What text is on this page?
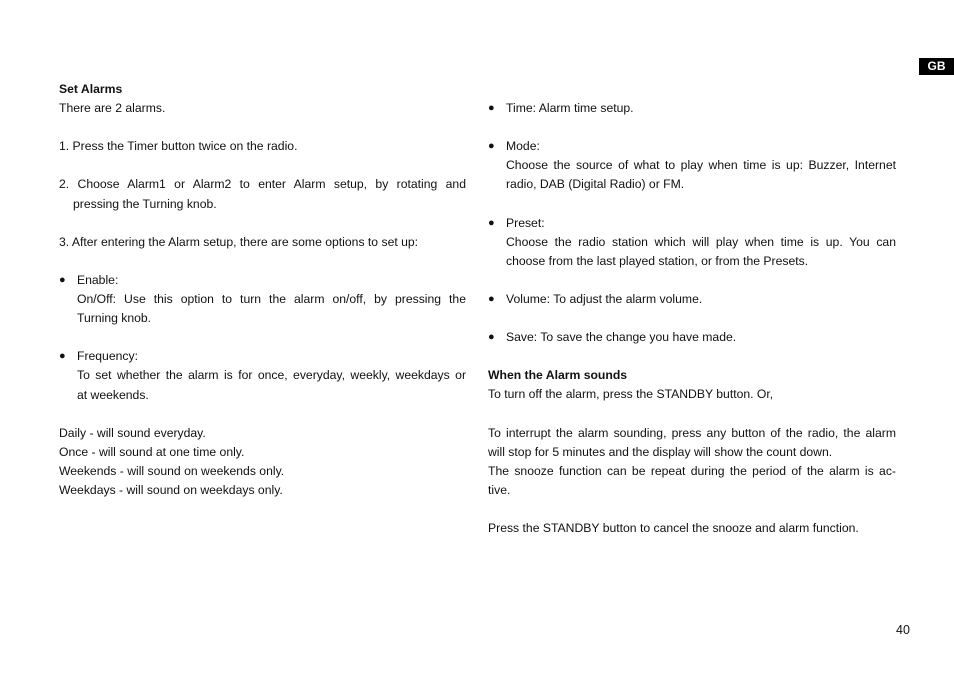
GB
Set Alarms
There are 2 alarms.
1. Press the Timer button twice on the radio.
2. Choose Alarm1 or Alarm2 to enter Alarm setup, by rotating and
pressing the Turning knob.
3. After entering the Alarm setup, there are some options to set up:
● Enable:
On/Off: Use this option to turn the alarm on/off, by pressing the
Turning knob.
● Frequency:
To set whether the alarm is for once, everyday, weekly, weekdays or
at weekends.
Daily - will sound everyday.
Once - will sound at one time only.
Weekends - will sound on weekends only.
Weekdays - will sound on weekdays only.
● Time: Alarm time setup.
● Mode:
Choose the source of what to play when time is up: Buzzer, Internet
radio, DAB (Digital Radio) or FM.
● Preset:
Choose the radio station which will play when time is up. You can
choose from the last played station, or from the Presets.
● Volume: To adjust the alarm volume.
● Save: To save the change you have made.
When the Alarm sounds
To turn off the alarm, press the STANDBY button. Or,
To interrupt the alarm sounding, press any button of the radio, the alarm
will stop for 5 minutes and the display will show the count down.
The snooze function can be repeat during the period of the alarm is ac-
tive.
Press the STANDBY button to cancel the snooze and alarm function.
40
